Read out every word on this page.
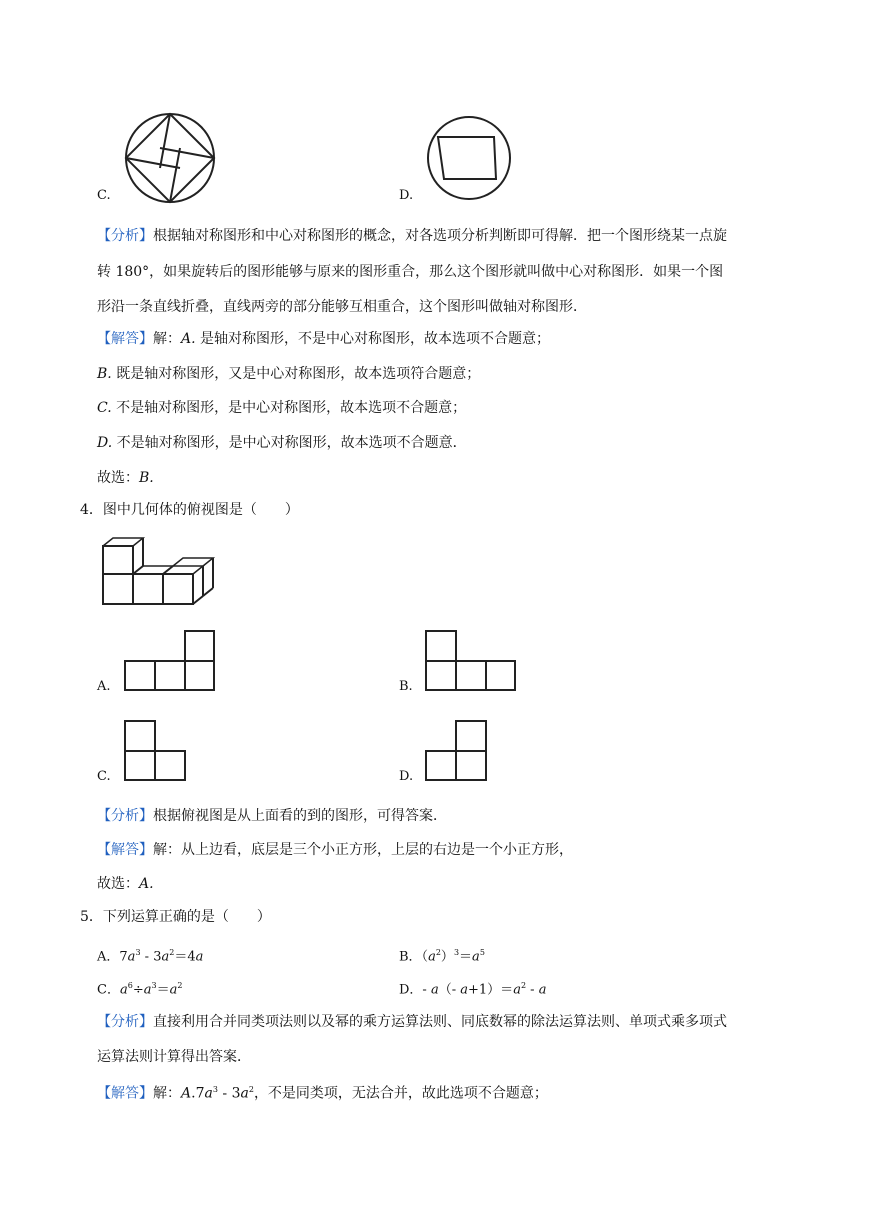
C.	D.
【分析】根据轴对称图形和中心对称图形的概念，对各选项分析判断即可得解．把一个图形绕某一点旋
转 180°，如果旋转后的图形能够与原来的图形重合，那么这个图形就叫做中心对称图形．如果一个图
形沿一条直线折叠，直线两旁的部分能够互相重合，这个图形叫做轴对称图形．
【解答】解：A. 是轴对称图形，不是中心对称图形，故本选项不合题意；
B. 既是轴对称图形，又是中心对称图形，故本选项符合题意；
C. 不是轴对称图形，是中心对称图形，故本选项不合题意；
D. 不是轴对称图形，是中心对称图形，故本选项不合题意．
故选：B.
4．图中几何体的俯视图是（　　）
A.	B.
C.	D.
【分析】根据俯视图是从上面看的到的图形，可得答案．
【解答】解：从上边看，底层是三个小正方形，上层的右边是一个小正方形，
故选：A.
5．下列运算正确的是（　　）
A．$7a^3 - 3a^2=4a$	B．$(a^2)^3=a^5$
C．$a^6\div a^3=a^2$	D．- a（- $a+1)=a^2 - a$
【分析】直接利用合并同类项法则以及幂的乘方运算法则、同底数幂的除法运算法则、单项式乘多项式
运算法则计算得出答案．
【解答】解：$A.7a^3 - 3a^2$，不是同类项，无法合并，故此选项不合题意；
